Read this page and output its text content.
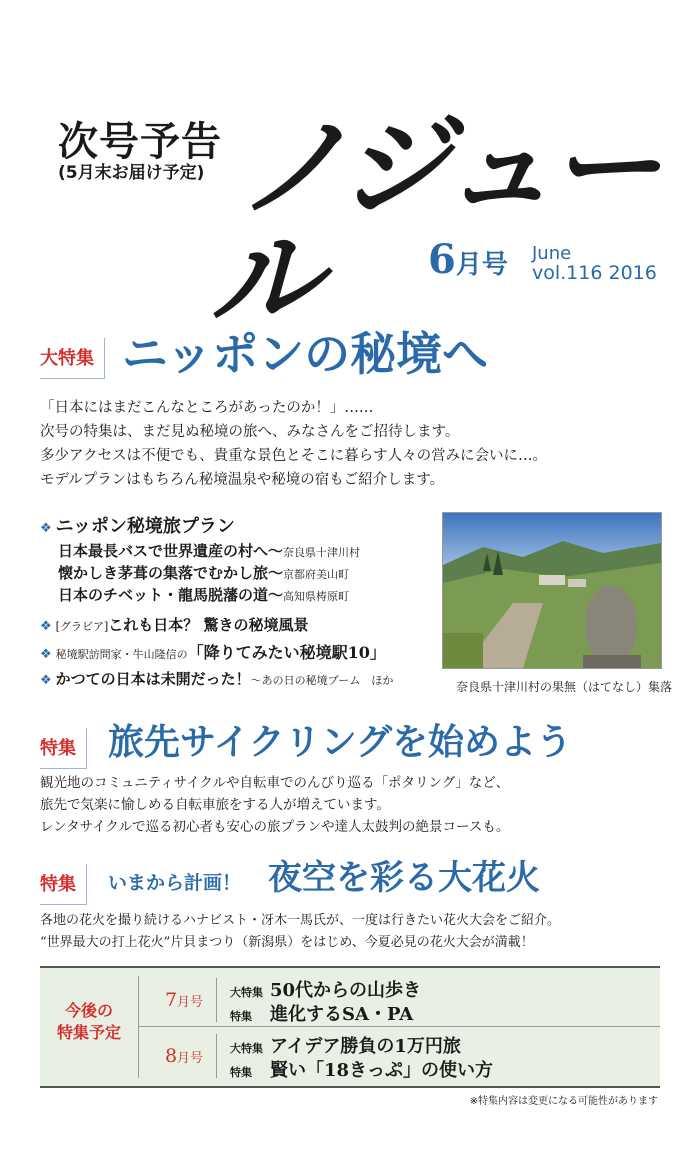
次号予告
(5月末お届け予定) ノジュール	6月号 June
vol.116 2016
大特集 ニッポンの秘境へ
「日本にはまだこんなところがあったのか！」……
次号の特集は、まだ見ぬ秘境の旅へ、みなさんをご招待します。
多少アクセスは不便でも、貴重な景色とそこに暮らす人々の営みに会いに…。
モデルプランはもちろん秘境温泉や秘境の宿もご紹介します。
❖ ニッポン秘境旅プラン
日本最長バスで世界遺産の村へ～奈良県十津川村
懐かしき茅葺の集落でむかし旅～京都府美山町
日本のチベット・龍馬脱藩の道～高知県梼原町
❖ [グラビア]これも日本？ 驚きの秘境風景
❖ 秘境駅訪問家・牛山隆信の「降りてみたい秘境駅10」
❖ かつての日本は未開だった！～あの日の秘境ブーム　ほか	奈良県十津川村の果無（はてなし）集落
特集 旅先サイクリングを始めよう
観光地のコミュニティサイクルや自転車でのんびり巡る「ポタリング」など、
旅先で気楽に愉しめる自転車旅をする人が増えています。
レンタサイクルで巡る初心者も安心の旅プランや達人太鼓判の絶景コースも。
特集	いまから計画！ 夜空を彩る大花火
各地の花火を撮り続けるハナビスト・冴木一馬氏が、一度は行きたい花火大会をご紹介。
“世界最大の打上花火”片貝まつり（新潟県）をはじめ、今夏必見の花火大会が満載！
今後の
特集予定
7月号
大特集 50代からの山歩き
特集 進化するSA・PA
8月号
大特集 アイデア勝負の1万円旅
特集 賢い「18きっぷ」の使い方
※特集内容は変更になる可能性があります
